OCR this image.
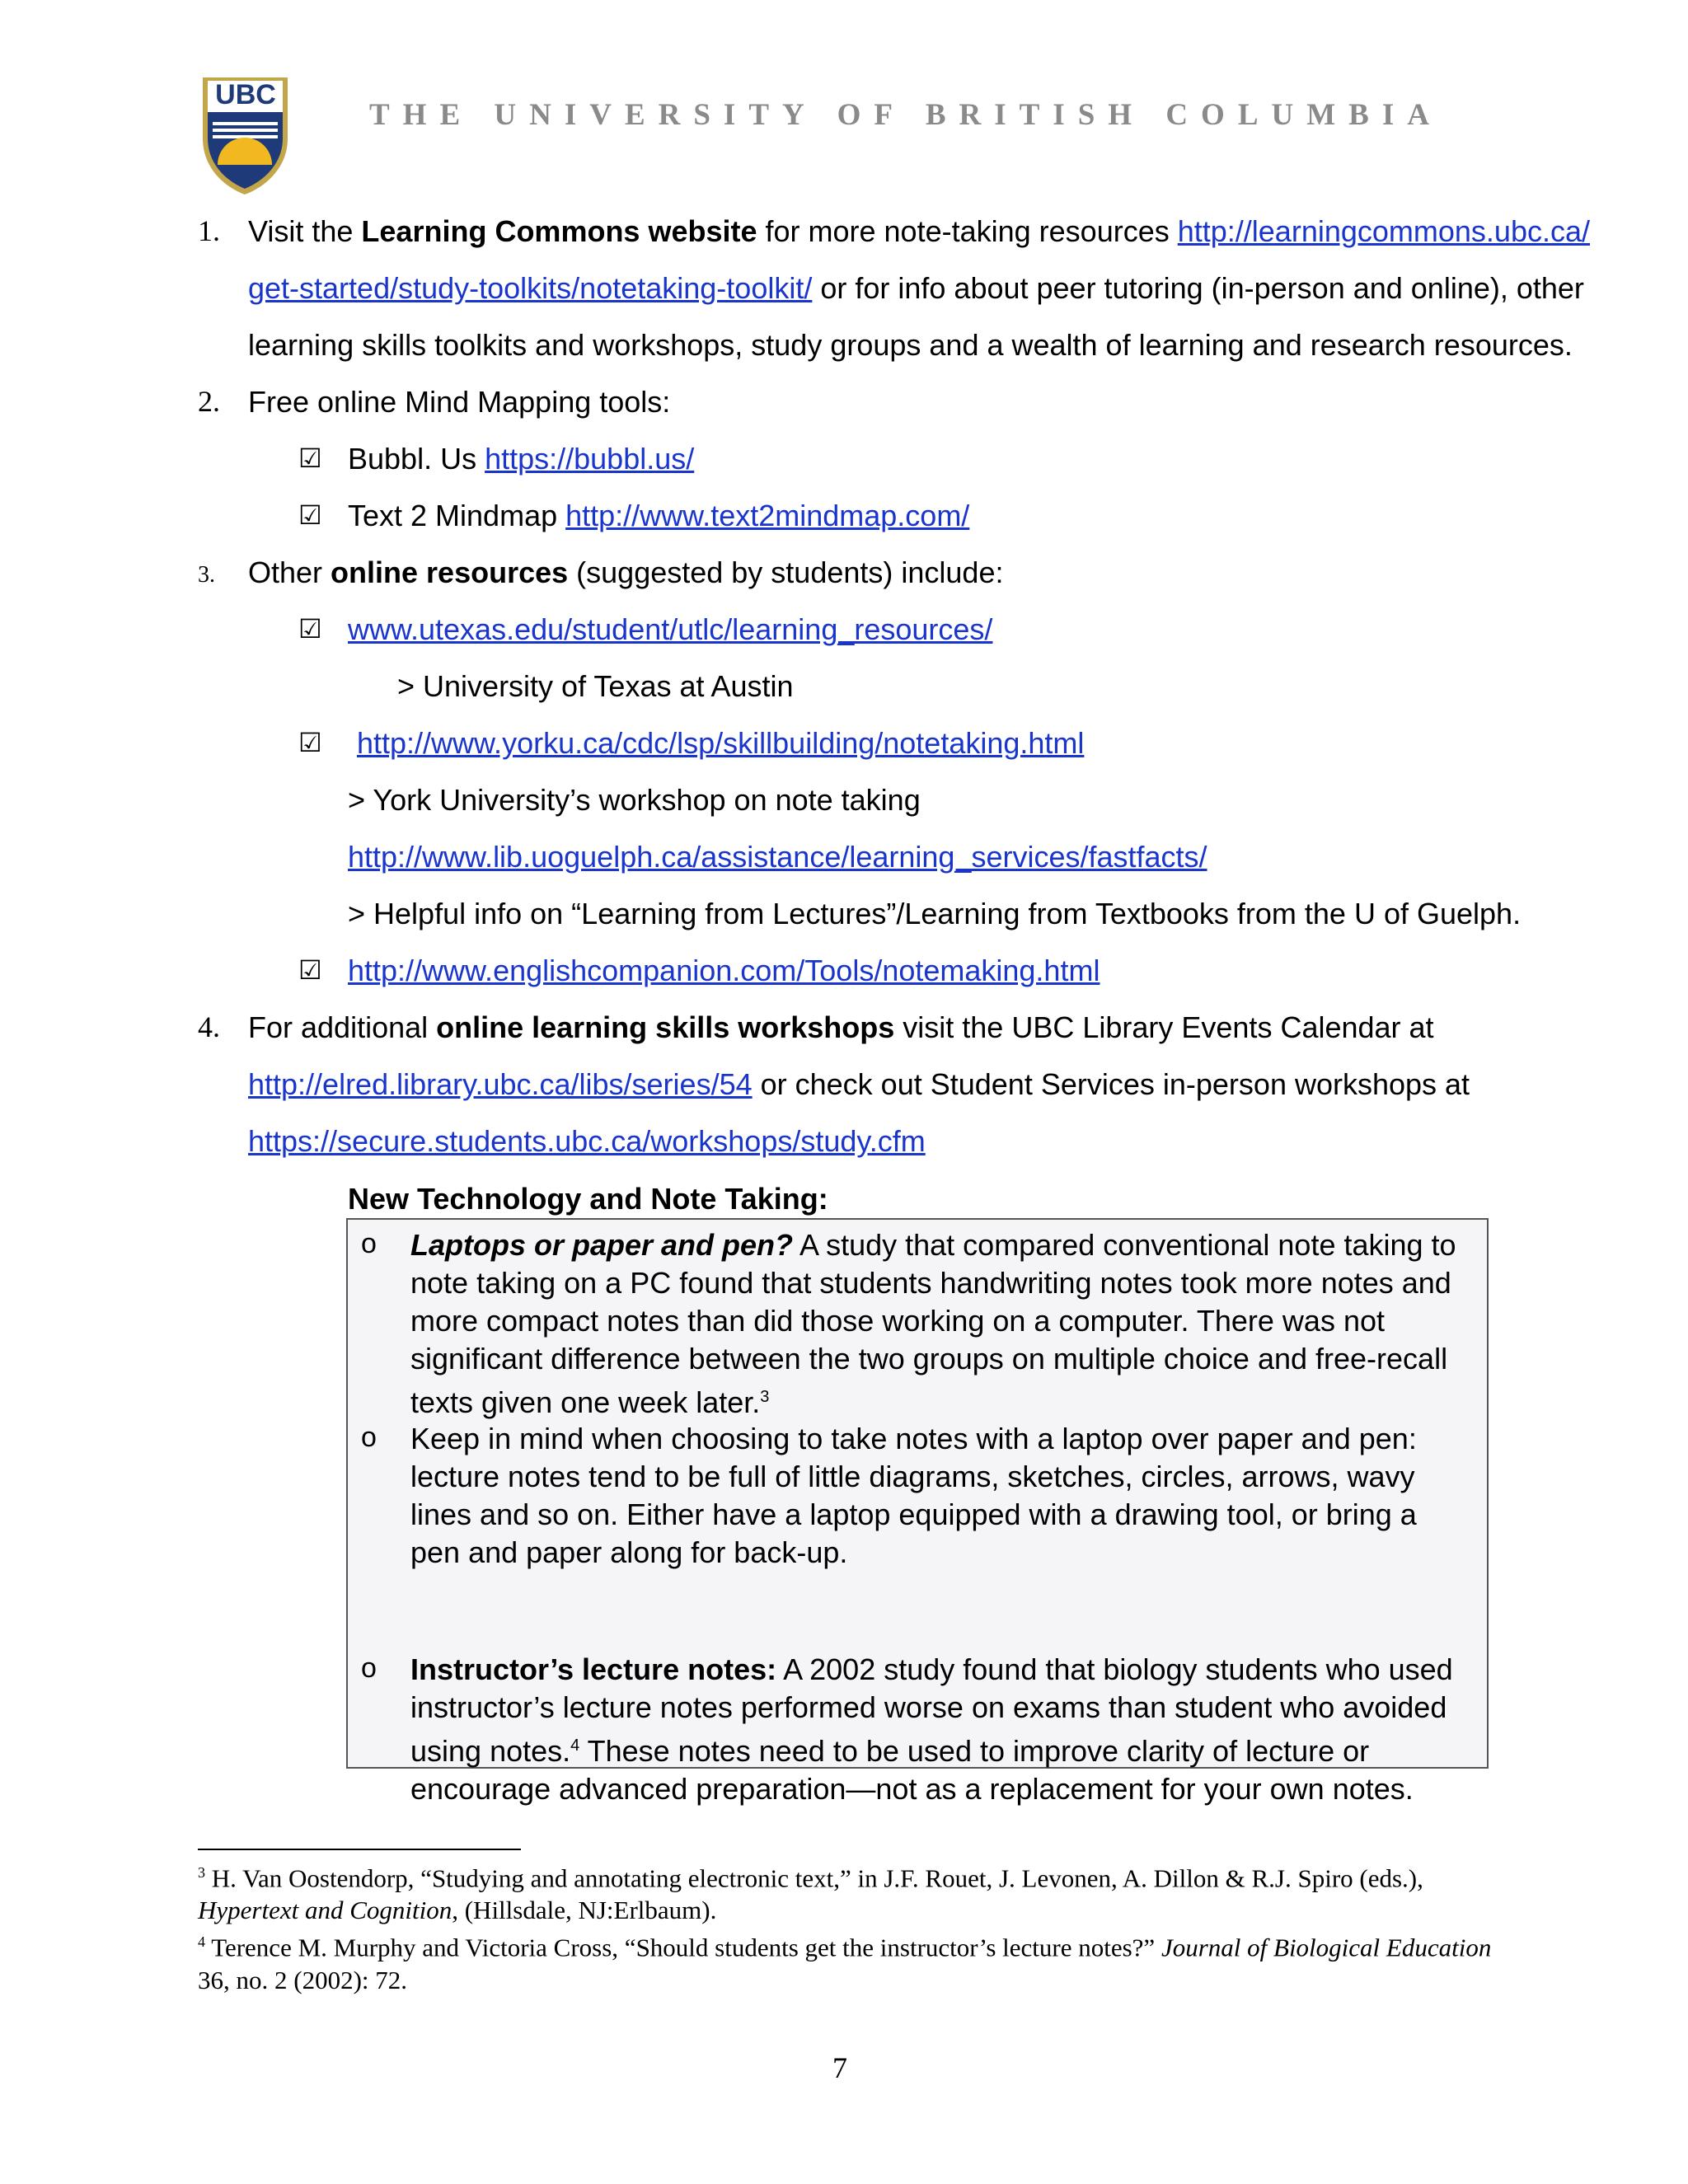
UBC
THE UNIVERSITY OF BRITISH COLUMBIA
1. Visit the Learning Commons website for more note-taking resources http://learningcommons.ubc.ca/
get-started/study-toolkits/notetaking-toolkit/ or for info about peer tutoring (in-person and online), other
learning skills toolkits and workshops, study groups and a wealth of learning and research resources.
2. Free online Mind Mapping tools:
☑ Bubbl. Us https://bubbl.us/
☑ Text 2 Mindmap http://www.text2mindmap.com/
3.	Other online resources (suggested by students) include:
☑ www.utexas.edu/student/utlc/learning_resources/
> University of Texas at Austin
☑ http://www.yorku.ca/cdc/lsp/skillbuilding/notetaking.html
> York University’s workshop on note taking
http://www.lib.uoguelph.ca/assistance/learning_services/fastfacts/
> Helpful info on “Learning from Lectures”/Learning from Textbooks from the U of Guelph.
☑ http://www.englishcompanion.com/Tools/notemaking.html
4. For additional online learning skills workshops visit the UBC Library Events Calendar at
http://elred.library.ubc.ca/libs/series/54 or check out Student Services in-person workshops at
https://secure.students.ubc.ca/workshops/study.cfm
New Technology and Note Taking:
o Laptops or paper and pen? A study that compared conventional note taking to note taking on a PC found that students handwriting notes took more notes and more compact notes than did those working on a computer. There was not significant difference between the two groups on multiple choice and free-recall texts given one week later.$^3$
o Keep in mind when choosing to take notes with a laptop over paper and pen: lecture notes tend to be full of little diagrams, sketches, circles, arrows, wavy lines and so on. Either have a laptop equipped with a drawing tool, or bring a pen and paper along for back-up.
o Instructor’s lecture notes: A 2002 study found that biology students who used instructor’s lecture notes performed worse on exams than student who avoided using notes.$^4$ These notes need to be used to improve clarity of lecture or encourage advanced preparation—not as a replacement for your own notes.

$^3$ H. Van Oostendorp, “Studying and annotating electronic text,” in J.F. Rouet, J. Levonen, A. Dillon & R.J. Spiro (eds.), Hypertext and Cognition, (Hillsdale, NJ:Erlbaum).

$^4$ Terence M. Murphy and Victoria Cross, “Should students get the instructor’s lecture notes?” Journal of Biological Education 36, no. 2 (2002): 72.

7
